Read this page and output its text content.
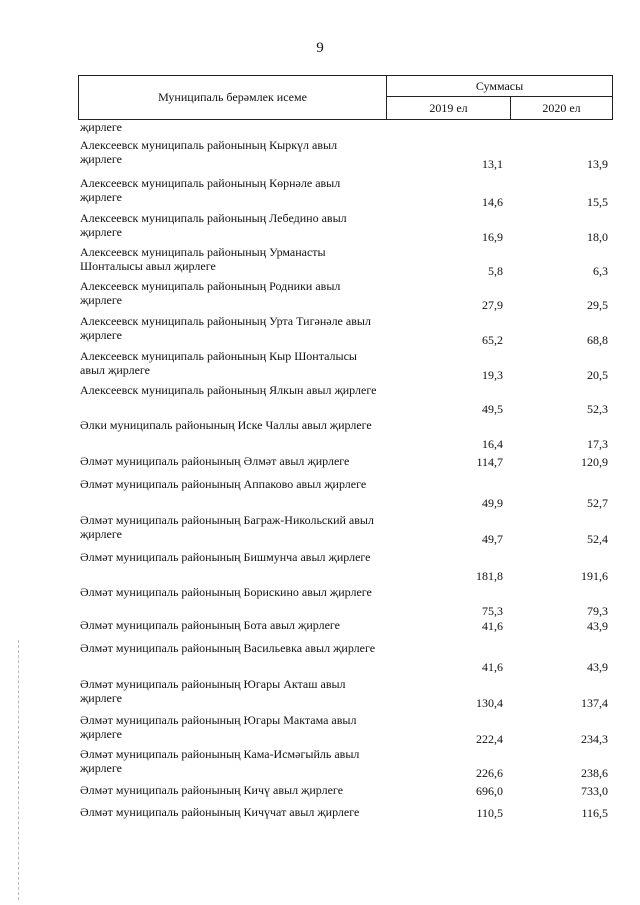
9
Муниципаль берәмлек исеме	Суммасы	
	2019 ел	2020 ел
җирлеге
Алексеевск муниципаль районының Кыркүл авыл җирлеге	13,1	13,9
Алексеевск муниципаль районының Көрнәле авыл җирлеге	14,6	15,5
Алексеевск муниципаль районының Лебедино авыл җирлеге	16,9	18,0
Алексеевск муниципаль районының Урманасты Шонталысы авыл җирлеге	5,8	6,3
Алексеевск муниципаль районының Родники авыл җирлеге	27,9	29,5
Алексеевск муниципаль районының Урта Тигәнәле авыл җирлеге	65,2	68,8
Алексеевск муниципаль районының Кыр Шонталысы авыл җирлеге	19,3	20,5
Алексеевск муниципаль районының Ялкын авыл җирлеге
49,5	52,3
Әлки муниципаль районының Иске Чаллы авыл җирлеге
16,4	17,3
Әлмәт муниципаль районының Әлмәт авыл җирлеге	114,7	120,9
Әлмәт муниципаль районының Аппаково авыл җирлеге
49,9	52,7
Әлмәт муниципаль районының Баграж-Никольский авыл җирлеге	49,7	52,4
Әлмәт муниципаль районының Бишмунча авыл җирлеге
181,8	191,6
Әлмәт муниципаль районының Борискино авыл җирлеге
75,3	79,3
Әлмәт муниципаль районының Бота авыл җирлеге	41,6	43,9
Әлмәт муниципаль районының Васильевка авыл җирлеге
41,6	43,9
Әлмәт муниципаль районының Югары Акташ авыл җирлеге	130,4	137,4
Әлмәт муниципаль районының Югары Мактама авыл җирлеге	222,4	234,3
Әлмәт муниципаль районының Кама-Исмәгыйль авыл җирлеге	226,6	238,6
Әлмәт муниципаль районының Кичү авыл җирлеге	696,0	733,0
Әлмәт муниципаль районының Кичүчат авыл җирлеге	110,5	116,5
